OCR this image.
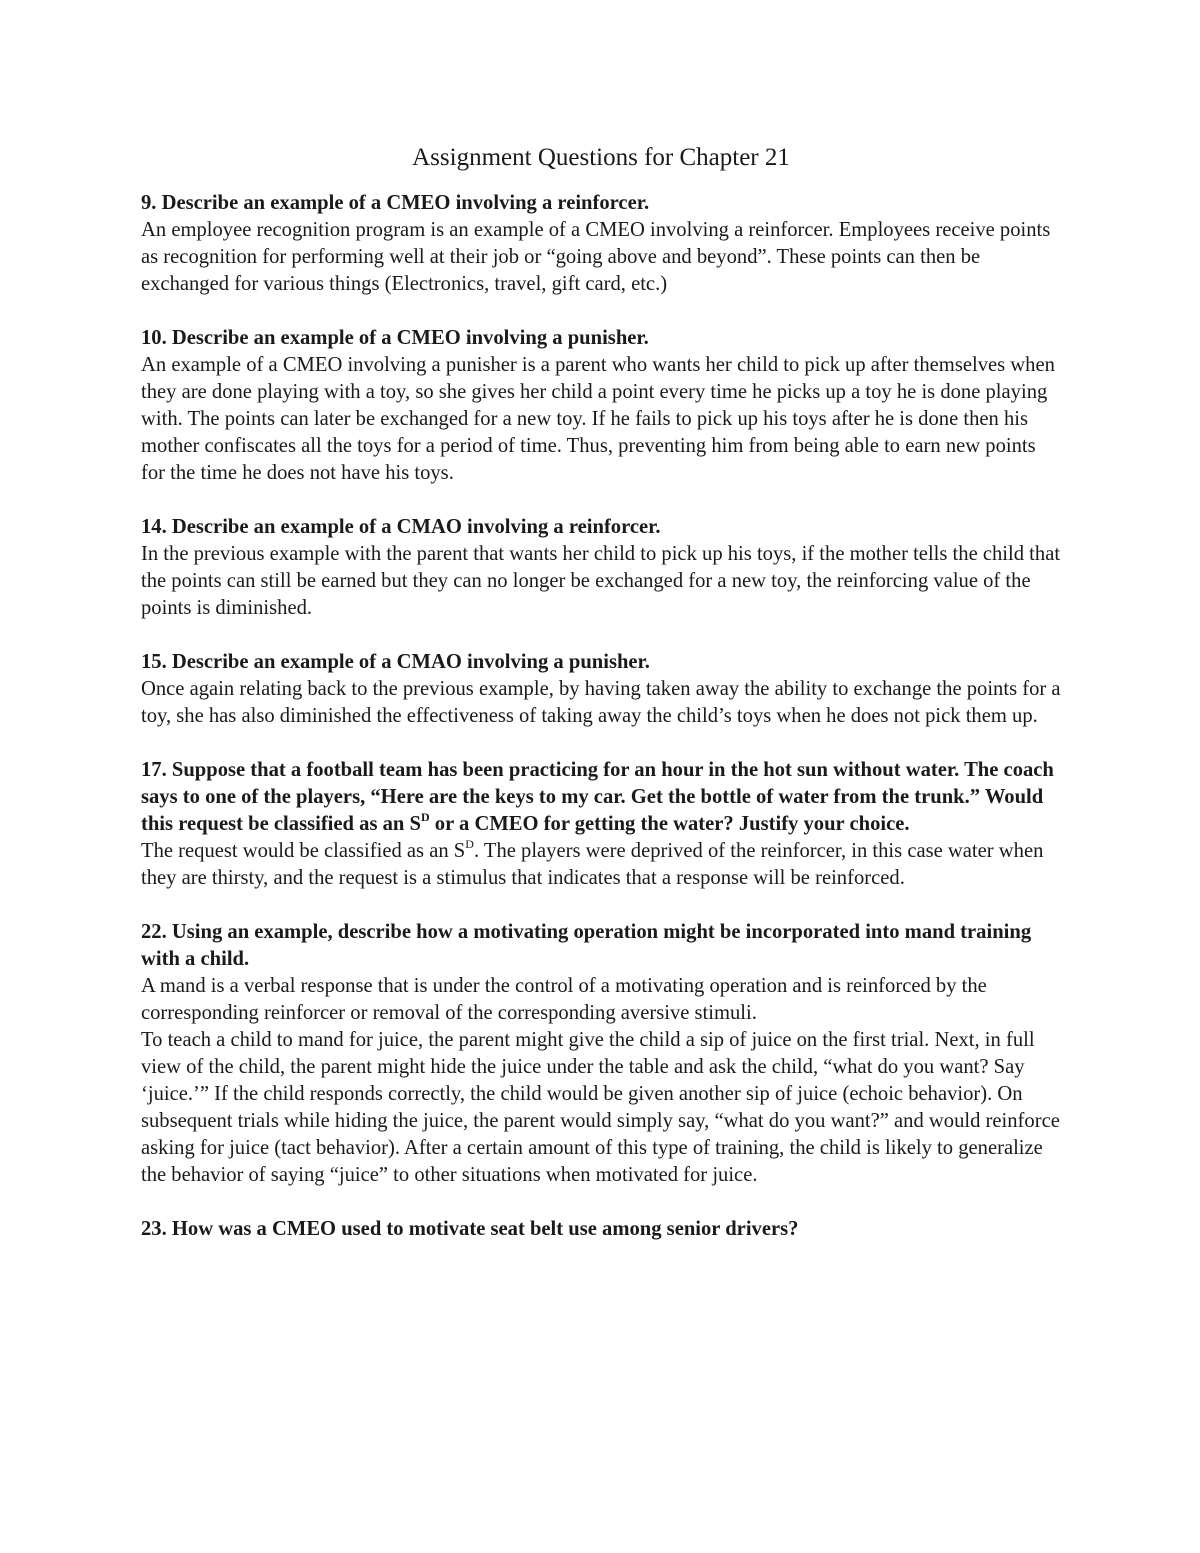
Assignment Questions for Chapter 21

9. Describe an example of a CMEO involving a reinforcer.

An employee recognition program is an example of a CMEO involving a reinforcer. Employees receive points as recognition for performing well at their job or “going above and beyond”. These points can then be exchanged for various things (Electronics, travel, gift card, etc.)

10. Describe an example of a CMEO involving a punisher.

An example of a CMEO involving a punisher is a parent who wants her child to pick up after themselves when they are done playing with a toy, so she gives her child a point every time he picks up a toy he is done playing with. The points can later be exchanged for a new toy. If he fails to pick up his toys after he is done then his mother confiscates all the toys for a period of time. Thus, preventing him from being able to earn new points for the time he does not have his toys.

14. Describe an example of a CMAO involving a reinforcer.

In the previous example with the parent that wants her child to pick up his toys, if the mother tells the child that the points can still be earned but they can no longer be exchanged for a new toy, the reinforcing value of the points is diminished.

15. Describe an example of a CMAO involving a punisher.

Once again relating back to the previous example, by having taken away the ability to exchange the points for a toy, she has also diminished the effectiveness of taking away the child’s toys when he does not pick them up.

17. Suppose that a football team has been practicing for an hour in the hot sun without water. The coach says to one of the players, “Here are the keys to my car. Get the bottle of water from the trunk.” Would this request be classified as an $S^D$ or a CMEO for getting the water? Justify your choice.

The request would be classified as an $S^D$. The players were deprived of the reinforcer, in this case water when they are thirsty, and the request is a stimulus that indicates that a response will be reinforced.

22. Using an example, describe how a motivating operation might be incorporated into mand training with a child.

A mand is a verbal response that is under the control of a motivating operation and is reinforced by the corresponding reinforcer or removal of the corresponding aversive stimuli.

To teach a child to mand for juice, the parent might give the child a sip of juice on the first trial. Next, in full view of the child, the parent might hide the juice under the table and ask the child, “what do you want? Say ‘juice.’” If the child responds correctly, the child would be given another sip of juice (echoic behavior). On subsequent trials while hiding the juice, the parent would simply say, “what do you want?” and would reinforce asking for juice (tact behavior). After a certain amount of this type of training, the child is likely to generalize the behavior of saying “juice” to other situations when motivated for juice.

23. How was a CMEO used to motivate seat belt use among senior drivers?
